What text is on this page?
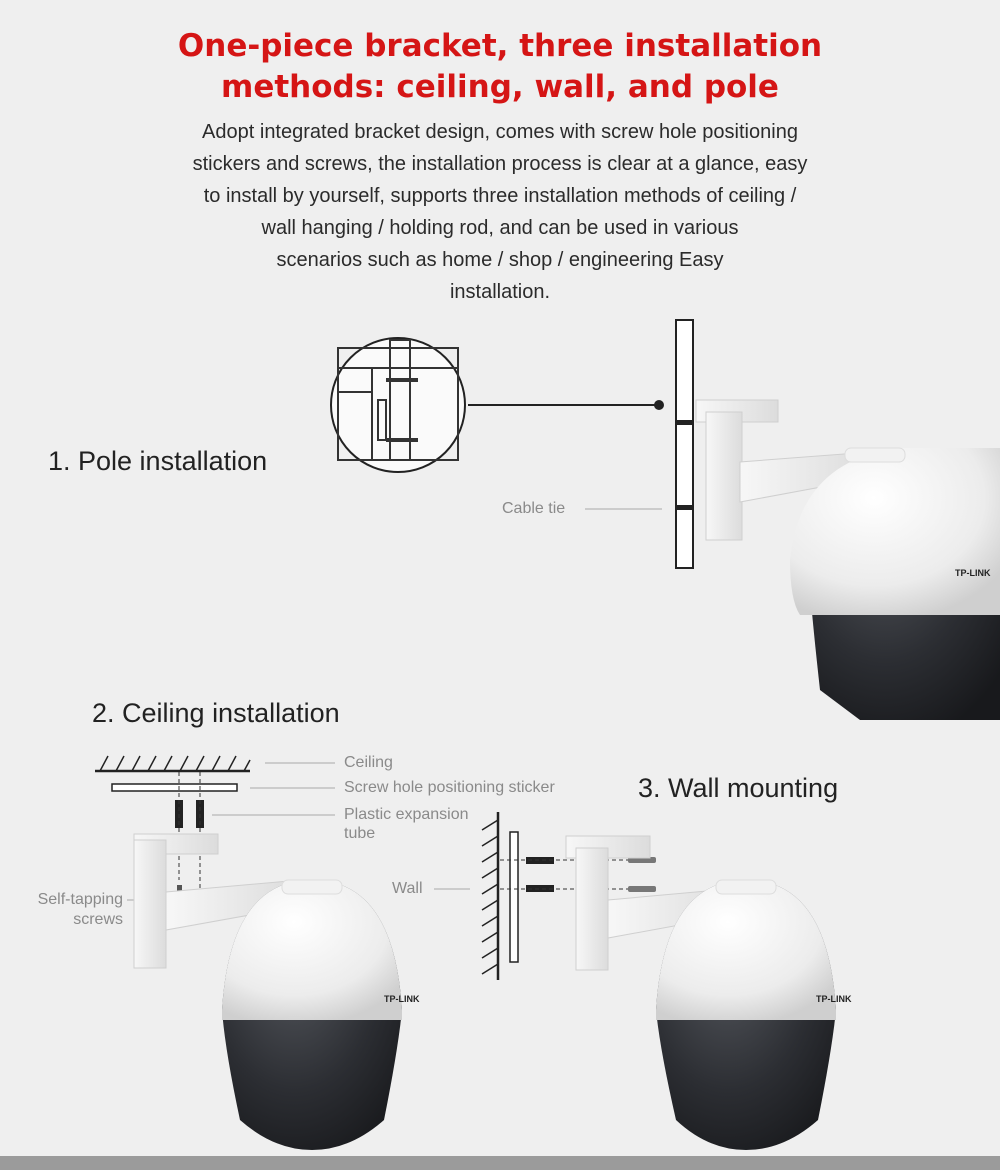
One-piece bracket, three installation
methods: ceiling, wall, and pole
Adopt integrated bracket design, comes with screw hole positioning
stickers and screws, the installation process is clear at a glance, easy
to install by yourself, supports three installation methods of ceiling /
wall hanging / holding rod, and can be used in various
scenarios such as home / shop / engineering Easy
installation.
TP-LINK
TP-LINK	TP-LINK
1. Pole installation
Cable tie
2. Ceiling installation
Ceiling
Screw hole positioning sticker
Plastic expansion
tube
Self-tapping
screws
3. Wall mounting
Wall
